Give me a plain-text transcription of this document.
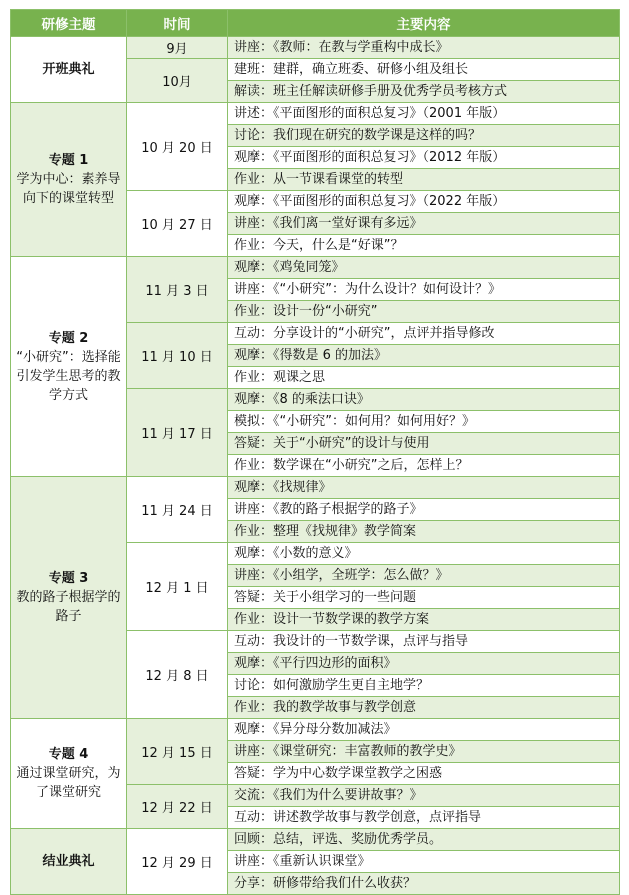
研修主题	时间	主要内容

开班典礼	9月	讲座：《教师：在教与学重构中成长》
	10月	建班：建群，确立班委、研修小组及组长
		解读：班主任解读研修手册及优秀学员考核方式

专题 1
学为中心：素养导向下的课堂转型	10 月 20 日	讲述：《平面图形的面积总复习》（2001 年版）
		讨论：我们现在研究的数学课是这样的吗？
		观摩：《平面图形的面积总复习》（2012 年版）
		作业：从一节课看课堂的转型
	10 月 27 日	观摩：《平面图形的面积总复习》（2022 年版）
		讲座：《我们离一堂好课有多远》
		作业：今天，什么是“好课”？

专题 2
“小研究”：选择能引发学生思考的教学方式	11 月 3 日	观摩：《鸡兔同笼》
		讲座：《“小研究”：为什么设计？如何设计？》
		作业：设计一份“小研究”
	11 月 10 日	互动：分享设计的“小研究”，点评并指导修改
		观摩：《得数是 6 的加法》
		作业：观课之思
	11 月 17 日	观摩：《8 的乘法口诀》
		模拟：《“小研究”：如何用？如何用好？》
		答疑：关于“小研究”的设计与使用
		作业：数学课在“小研究”之后，怎样上？

专题 3
教的路子根据学的路子	11 月 24 日	观摩：《找规律》
		讲座：《教的路子根据学的路子》
		作业：整理《找规律》教学简案
	12 月 1 日	观摩：《小数的意义》
		讲座：《小组学，全班学：怎么做？》
		答疑：关于小组学习的一些问题
		作业：设计一节数学课的教学方案
	12 月 8 日	互动：我设计的一节数学课，点评与指导
		观摩：《平行四边形的面积》
		讨论：如何激励学生更自主地学？
		作业：我的教学故事与教学创意

专题 4
通过课堂研究，为了课堂研究	12 月 15 日	观摩：《异分母分数加减法》
		讲座：《课堂研究：丰富教师的教学史》
		答疑：学为中心数学课堂教学之困惑
	12 月 22 日	交流：《我们为什么要讲故事？》
		互动：讲述教学故事与教学创意，点评指导

结业典礼	12 月 29 日	回顾：总结，评选、奖励优秀学员。
		讲座：《重新认识课堂》
		分享：研修带给我们什么收获？
